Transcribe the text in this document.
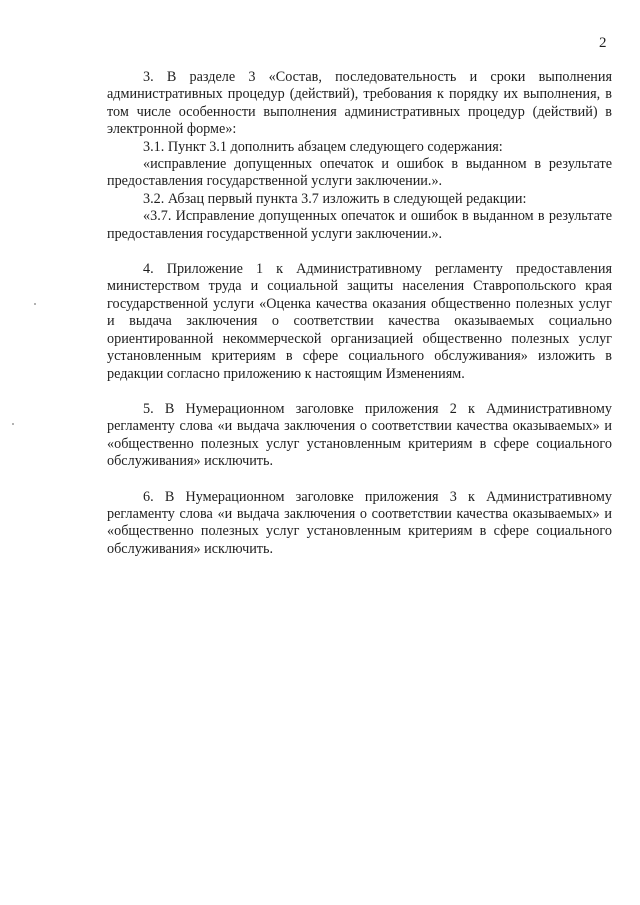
2

3. В разделе 3 «Состав, последовательность и сроки выполнения административных процедур (действий), требования к порядку их выполнения, в том числе особенности выполнения административных процедур (действий) в электронной форме»:

3.1. Пункт 3.1 дополнить абзацем следующего содержания:

«исправление допущенных опечаток и ошибок в выданном в результате предоставления государственной услуги заключении.».

3.2. Абзац первый пункта 3.7 изложить в следующей редакции:

«3.7. Исправление допущенных опечаток и ошибок в выданном в результате предоставления государственной услуги заключении.».

4. Приложение 1 к Административному регламенту предоставления министерством труда и социальной защиты населения Ставропольского края государственной услуги «Оценка качества оказания общественно полезных услуг и выдача заключения о соответствии качества оказываемых социально ориентированной некоммерческой организацией общественно полезных услуг установленным критериям в сфере социального обслуживания» изложить в редакции согласно приложению к настоящим Изменениям.

5. В Нумерационном заголовке приложения 2 к Административному регламенту слова «и выдача заключения о соответствии качества оказываемых» и «общественно полезных услуг установленным критериям в сфере социального обслуживания» исключить.

6. В Нумерационном заголовке приложения 3 к Административному регламенту слова «и выдача заключения о соответствии качества оказываемых» и «общественно полезных услуг установленным критериям в сфере социального обслуживания» исключить.
